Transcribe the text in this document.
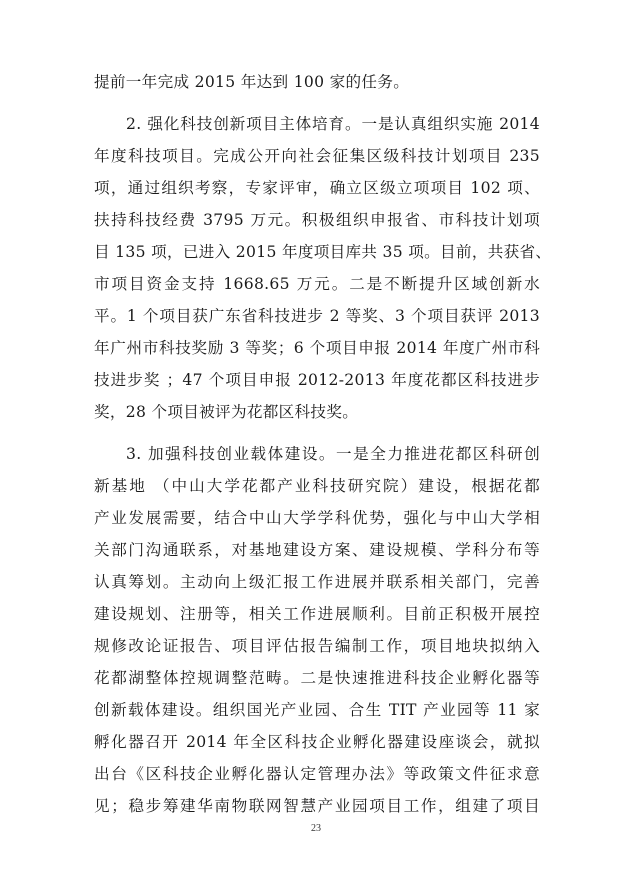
提前一年完成 2015 年达到 100 家的任务。
2. 强化科技创新项目主体培育。一是认真组织实施 2014
年度科技项目。完成公开向社会征集区级科技计划项目 235
项，通过组织考察，专家评审，确立区级立项项目 102 项、
扶持科技经费 3795 万元。积极组织申报省、市科技计划项
目 135 项，已进入 2015 年度项目库共 35 项。目前，共获省、
市项目资金支持 1668.65 万元。二是不断提升区域创新水
平。1 个项目获广东省科技进步 2 等奖、3 个项目获评 2013
年广州市科技奖励 3 等奖；6 个项目申报 2014 年度广州市科
技进步奖 ；47 个项目申报 2012-2013 年度花都区科技进步
奖，28 个项目被评为花都区科技奖。
3. 加强科技创业载体建设。一是全力推进花都区科研创
新基地 （中山大学花都产业科技研究院）建设，根据花都
产业发展需要，结合中山大学学科优势，强化与中山大学相
关部门沟通联系，对基地建设方案、建设规模、学科分布等
认真筹划。主动向上级汇报工作进展并联系相关部门，完善
建设规划、注册等，相关工作进展顺利。目前正积极开展控
规修改论证报告、项目评估报告编制工作，项目地块拟纳入
花都湖整体控规调整范畴。二是快速推进科技企业孵化器等
创新载体建设。组织国光产业园、合生 TIT 产业园等 11 家
孵化器召开 2014 年全区科技企业孵化器建设座谈会，就拟
出台《区科技企业孵化器认定管理办法》等政策文件征求意
见；稳步筹建华南物联网智慧产业园项目工作，组建了项目
23
